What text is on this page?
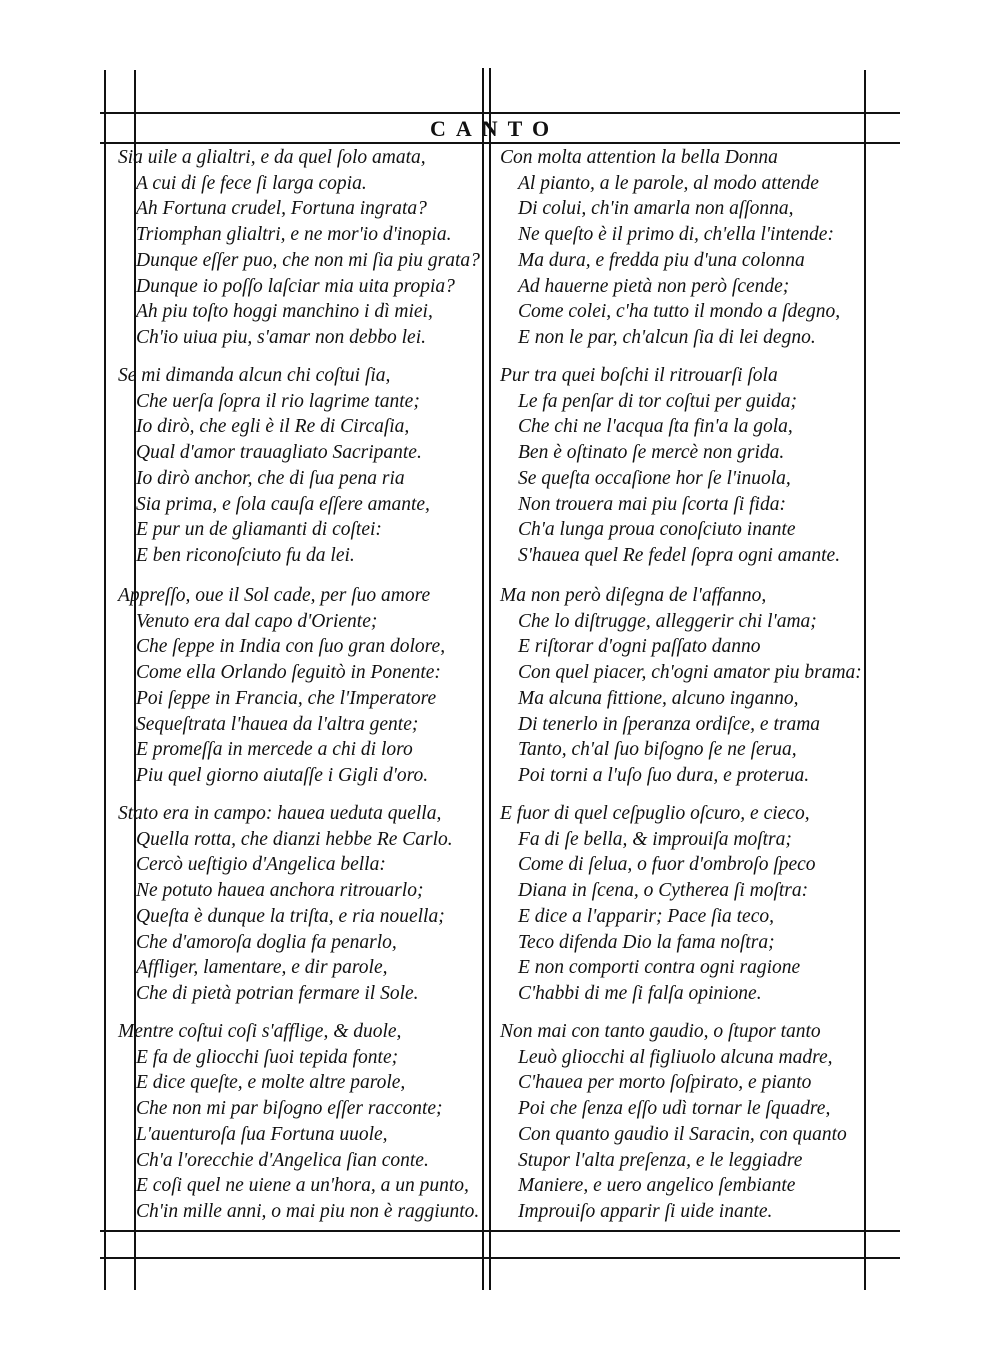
CANTO
Sia uile a glialtri, e da quel ſolo amata,
A cui di ſe fece ſi larga copia.
Ah Fortuna crudel, Fortuna ingrata?
Triomphan glialtri, e ne mor'io d'inopia.
Dunque eſſer puo, che non mi ſia piu grata?
Dunque io poſſo laſciar mia uita propia?
Ah piu toſto hoggi manchino i dì miei,
Ch'io uiua piu, s'amar non debbo lei.
Se mi dimanda alcun chi coſtui ſia,
Che uerſa ſopra il rio lagrime tante;
Io dirò, che egli è il Re di Circaſia,
Qual d'amor trauagliato Sacripante.
Io dirò anchor, che di ſua pena ria
Sia prima, e ſola cauſa eſſere amante,
E pur un de gliamanti di coſtei:
E ben riconoſciuto fu da lei.
Appreſſo, oue il Sol cade, per ſuo amore
Venuto era dal capo d'Oriente;
Che ſeppe in India con ſuo gran dolore,
Come ella Orlando ſeguitò in Ponente:
Poi ſeppe in Francia, che l'Imperatore
Sequeſtrata l'hauea da l'altra gente;
E promeſſa in mercede a chi di loro
Piu quel giorno aiutaſſe i Gigli d'oro.
Stato era in campo: hauea ueduta quella,
Quella rotta, che dianzi hebbe Re Carlo.
Cercò ueſtigio d'Angelica bella:
Ne potuto hauea anchora ritrouarlo;
Queſta è dunque la triſta, e ria nouella;
Che d'amoroſa doglia fa penarlo,
Affliger, lamentare, e dir parole,
Che di pietà potrian fermare il Sole.
Mentre coſtui coſi s'afflige, & duole,
E fa de gliocchi ſuoi tepida fonte;
E dice queſte, e molte altre parole,
Che non mi par biſogno eſſer racconte;
L'auenturoſa ſua Fortuna uuole,
Ch'a l'orecchie d'Angelica ſian conte.
E coſi quel ne uiene a un'hora, a un punto,
Ch'in mille anni, o mai piu non è raggiunto.
Con molta attention la bella Donna
Al pianto, a le parole, al modo attende
Di colui, ch'in amarla non aſſonna,
Ne queſto è il primo di, ch'ella l'intende:
Ma dura, e fredda piu d'una colonna
Ad hauerne pietà non però ſcende;
Come colei, c'ha tutto il mondo a ſdegno,
E non le par, ch'alcun ſia di lei degno.
Pur tra quei boſchi il ritrouarſi ſola
Le fa penſar di tor coſtui per guida;
Che chi ne l'acqua ſta fin'a la gola,
Ben è oſtinato ſe mercè non grida.
Se queſta occaſione hor ſe l'inuola,
Non trouera mai piu ſcorta ſi fida:
Ch'a lunga proua conoſciuto inante
S'hauea quel Re fedel ſopra ogni amante.
Ma non però diſegna de l'affanno,
Che lo diſtrugge, alleggerir chi l'ama;
E riſtorar d'ogni paſſato danno
Con quel piacer, ch'ogni amator piu brama:
Ma alcuna fittione, alcuno inganno,
Di tenerlo in ſperanza ordiſce, e trama
Tanto, ch'al ſuo biſogno ſe ne ſerua,
Poi torni a l'uſo ſuo dura, e proterua.
E fuor di quel ceſpuglio oſcuro, e cieco,
Fa di ſe bella, & improuiſa moſtra;
Come di ſelua, o fuor d'ombroſo ſpeco
Diana in ſcena, o Cytherea ſi moſtra:
E dice a l'apparir; Pace ſia teco,
Teco difenda Dio la fama noſtra;
E non comporti contra ogni ragione
C'habbi di me ſi falſa opinione.
Non mai con tanto gaudio, o ſtupor tanto
Leuò gliocchi al figliuolo alcuna madre,
C'hauea per morto ſoſpirato, e pianto
Poi che ſenza eſſo udì tornar le ſquadre,
Con quanto gaudio il Saracin, con quanto
Stupor l'alta preſenza, e le leggiadre
Maniere, e uero angelico ſembiante
Improuiſo apparir ſi uide inante.
